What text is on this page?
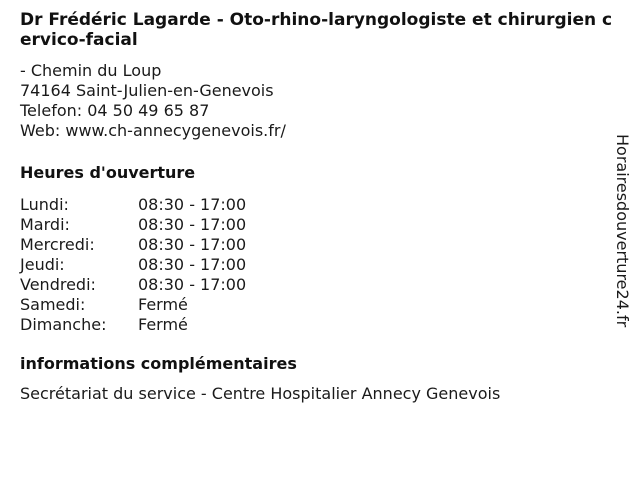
Dr Frédéric Lagarde - Oto-rhino-laryngologiste et chirurgien cervico-facial
- Chemin du Loup
74164 Saint-Julien-en-Genevois
Telefon: 04 50 49 65 87
Web: www.ch-annecygenevois.fr/
Heures d'ouverture
Lundi:	08:30 - 17:00
Mardi:	08:30 - 17:00
Mercredi:	08:30 - 17:00
Jeudi:	08:30 - 17:00
Vendredi:	08:30 - 17:00
Samedi:	Fermé
Dimanche:	Fermé
informations complémentaires
Secrétariat du service - Centre Hospitalier Annecy Genevois
Horairesdouverture24.fr
